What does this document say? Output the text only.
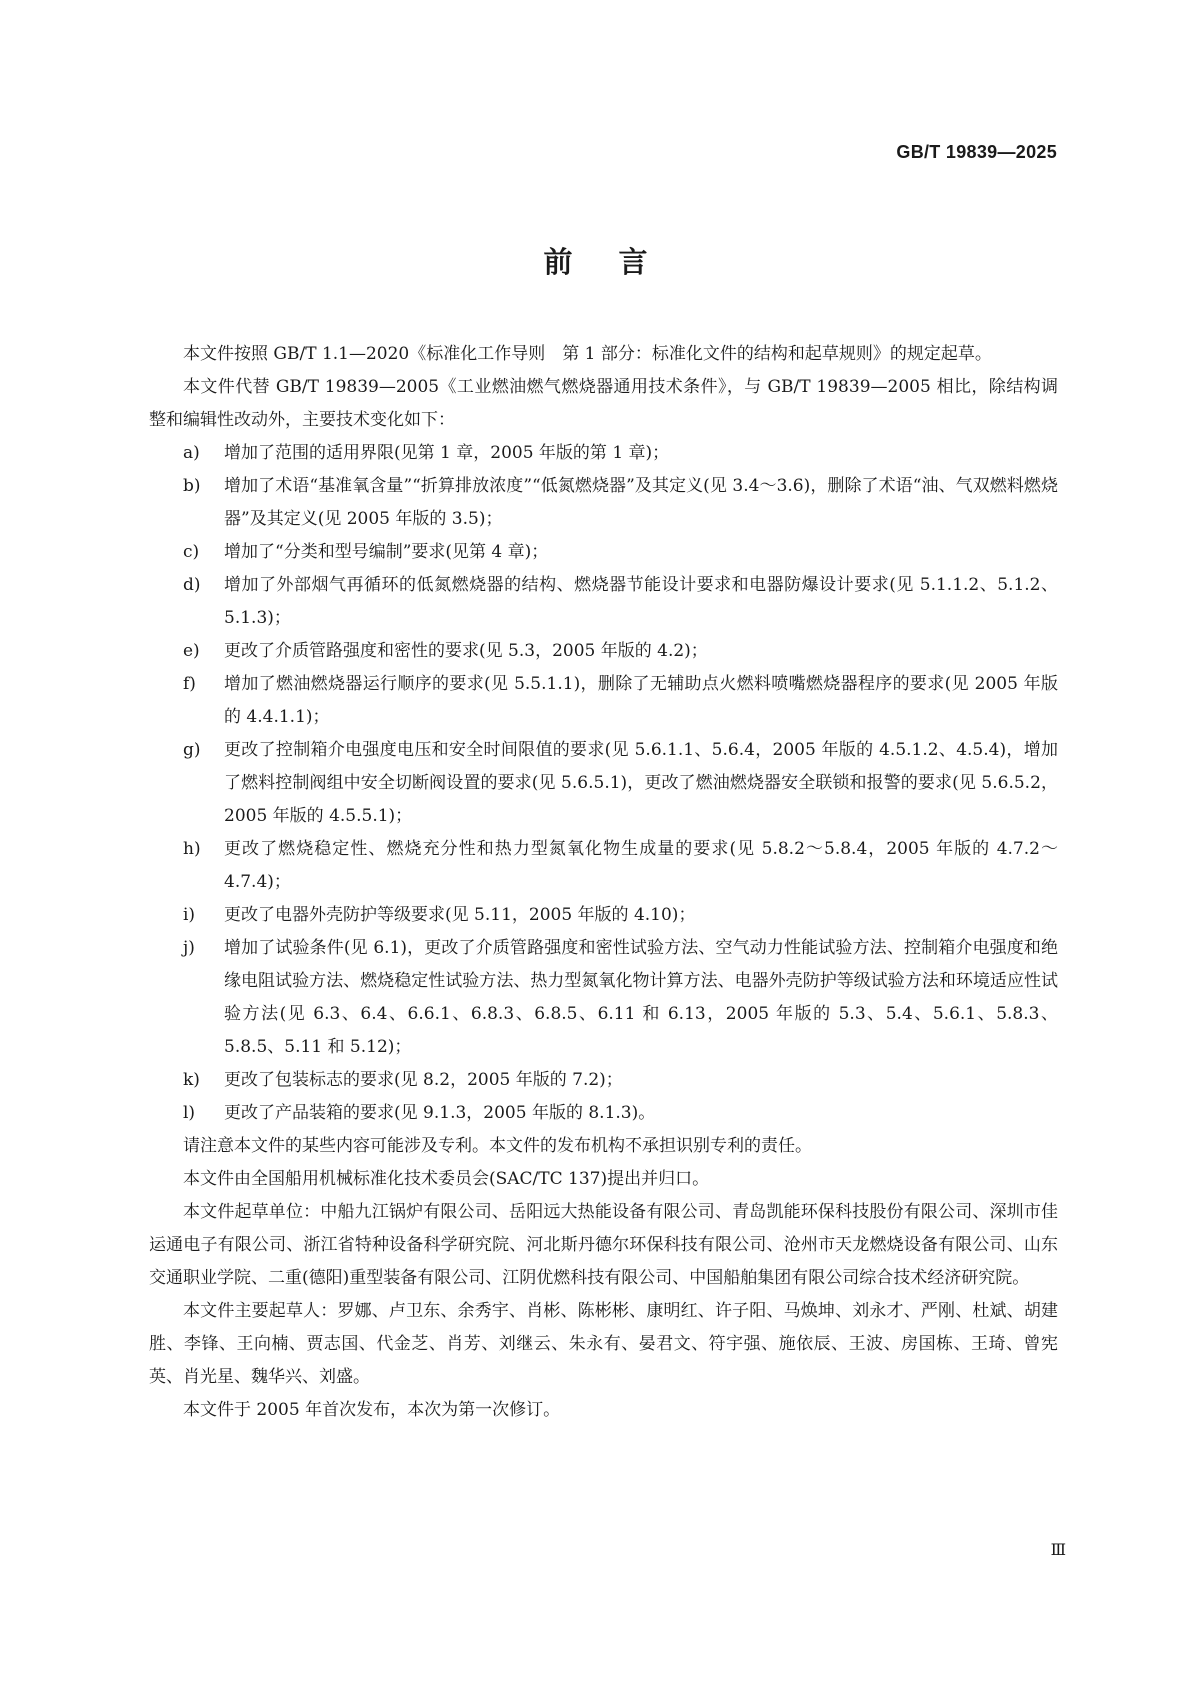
GB/T 19839—2025
前言

本文件按照 GB/T 1.1—2020《标准化工作导则　第 1 部分：标准化文件的结构和起草规则》的规定起草。

本文件代替 GB/T 19839—2005《工业燃油燃气燃烧器通用技术条件》，与 GB/T 19839—2005 相比，除结构调整和编辑性改动外，主要技术变化如下：

a)	增加了范围的适用界限(见第 1 章，2005 年版的第 1 章)；
b)	增加了术语“基准氧含量”“折算排放浓度”“低氮燃烧器”及其定义(见 3.4～3.6)，删除了术语“油、气双燃料燃烧器”及其定义(见 2005 年版的 3.5)；
c)	增加了“分类和型号编制”要求(见第 4 章)；
d)	增加了外部烟气再循环的低氮燃烧器的结构、燃烧器节能设计要求和电器防爆设计要求(见 5.1.1.2、5.1.2、5.1.3)；
e)	更改了介质管路强度和密性的要求(见 5.3，2005 年版的 4.2)；
f)	增加了燃油燃烧器运行顺序的要求(见 5.5.1.1)，删除了无辅助点火燃料喷嘴燃烧器程序的要求(见 2005 年版的 4.4.1.1)；
g)	更改了控制箱介电强度电压和安全时间限值的要求(见 5.6.1.1、5.6.4，2005 年版的 4.5.1.2、4.5.4)，增加了燃料控制阀组中安全切断阀设置的要求(见 5.6.5.1)，更改了燃油燃烧器安全联锁和报警的要求(见 5.6.5.2，2005 年版的 4.5.5.1)；
h)	更改了燃烧稳定性、燃烧充分性和热力型氮氧化物生成量的要求(见 5.8.2～5.8.4，2005 年版的 4.7.2～4.7.4)；
i)	更改了电器外壳防护等级要求(见 5.11，2005 年版的 4.10)；
j)	增加了试验条件(见 6.1)，更改了介质管路强度和密性试验方法、空气动力性能试验方法、控制箱介电强度和绝缘电阻试验方法、燃烧稳定性试验方法、热力型氮氧化物计算方法、电器外壳防护等级试验方法和环境适应性试验方法(见 6.3、6.4、6.6.1、6.8.3、6.8.5、6.11 和 6.13，2005 年版的 5.3、5.4、5.6.1、5.8.3、5.8.5、5.11 和 5.12)；
k)	更改了包装标志的要求(见 8.2，2005 年版的 7.2)；
l)	更改了产品装箱的要求(见 9.1.3，2005 年版的 8.1.3)。

请注意本文件的某些内容可能涉及专利。本文件的发布机构不承担识别专利的责任。

本文件由全国船用机械标准化技术委员会(SAC/TC 137)提出并归口。

本文件起草单位：中船九江锅炉有限公司、岳阳远大热能设备有限公司、青岛凯能环保科技股份有限公司、深圳市佳运通电子有限公司、浙江省特种设备科学研究院、河北斯丹德尔环保科技有限公司、沧州市天龙燃烧设备有限公司、山东交通职业学院、二重(德阳)重型装备有限公司、江阴优燃科技有限公司、中国船舶集团有限公司综合技术经济研究院。

本文件主要起草人：罗娜、卢卫东、余秀宇、肖彬、陈彬彬、康明红、许子阳、马焕坤、刘永才、严刚、杜斌、胡建胜、李锋、王向楠、贾志国、代金芝、肖芳、刘继云、朱永有、晏君文、符宇强、施依辰、王波、房国栋、王琦、曾宪英、肖光星、魏华兴、刘盛。

本文件于 2005 年首次发布，本次为第一次修订。

Ⅲ
